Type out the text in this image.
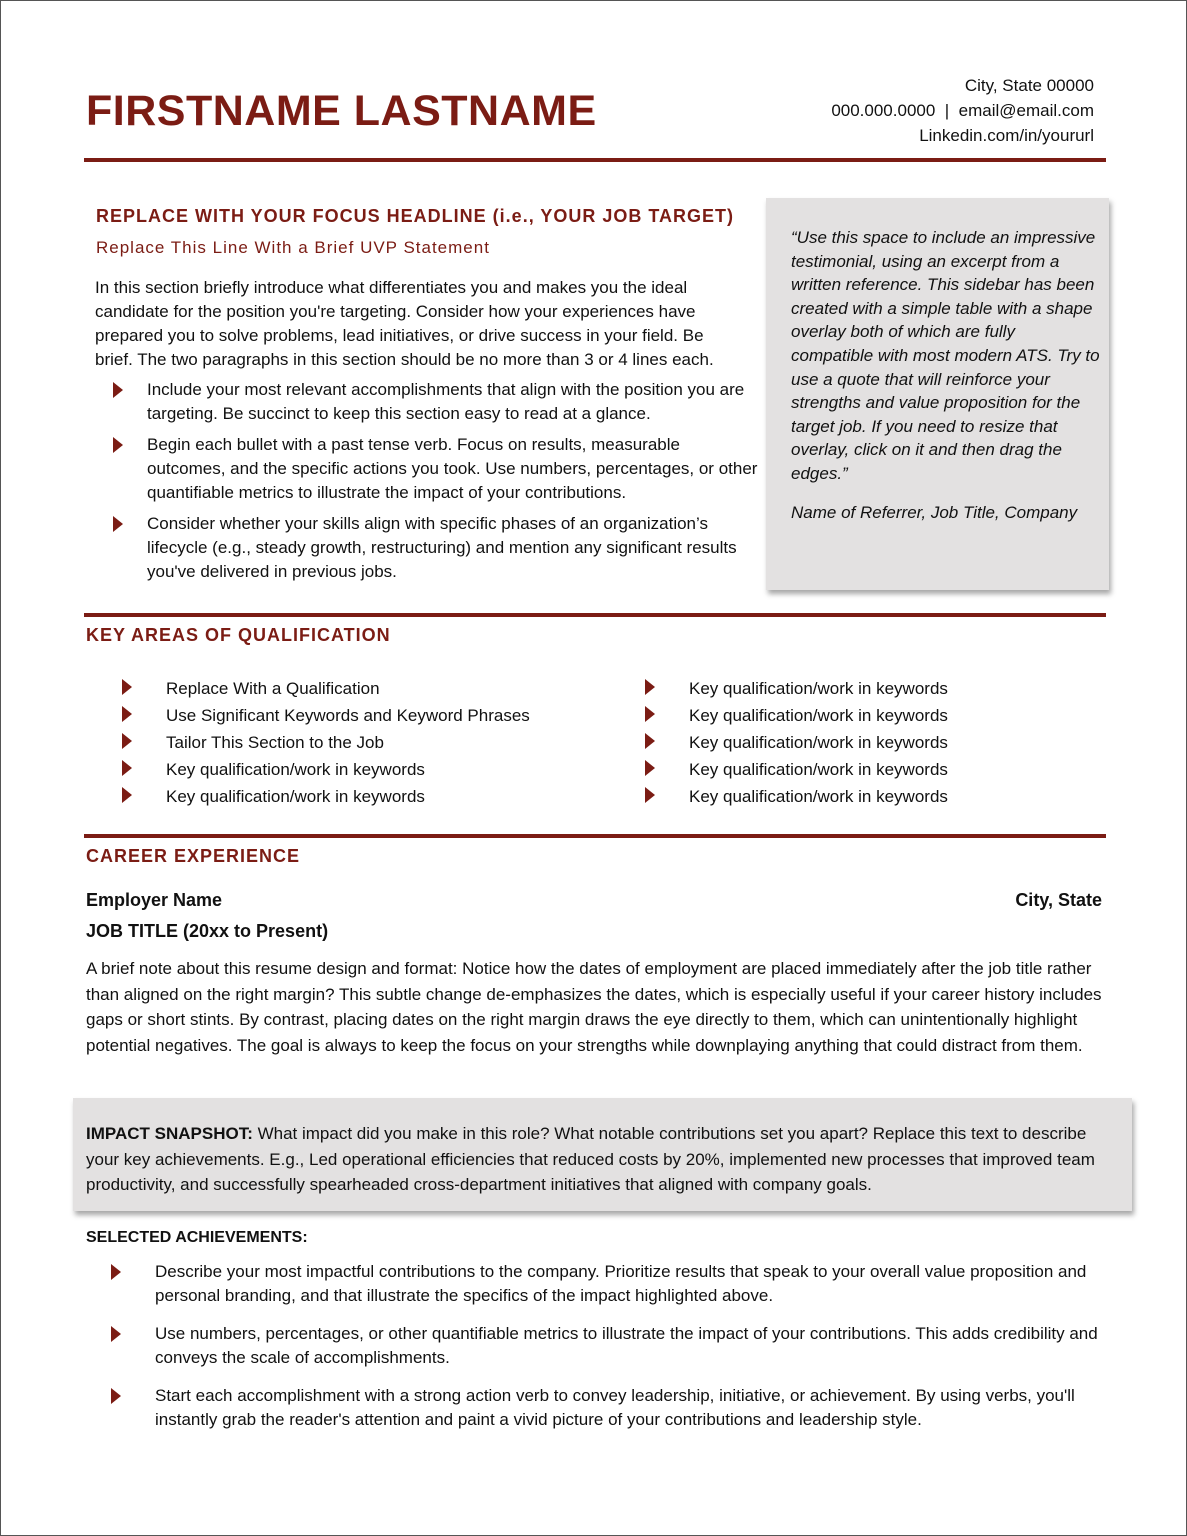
FIRSTNAME LASTNAME
City, State 00000
000.000.0000 | email@email.com
Linkedin.com/in/yoururl
REPLACE WITH YOUR FOCUS HEADLINE (i.e., YOUR JOB TARGET)
Replace This Line With a Brief UVP Statement
In this section briefly introduce what differentiates you and makes you the ideal candidate for the position you're targeting. Consider how your experiences have prepared you to solve problems, lead initiatives, or drive success in your field. Be brief. The two paragraphs in this section should be no more than 3 or 4 lines each.
Include your most relevant accomplishments that align with the position you are targeting. Be succinct to keep this section easy to read at a glance.
Begin each bullet with a past tense verb. Focus on results, measurable outcomes, and the specific actions you took. Use numbers, percentages, or other quantifiable metrics to illustrate the impact of your contributions.
Consider whether your skills align with specific phases of an organization’s lifecycle (e.g., steady growth, restructuring) and mention any significant results you've delivered in previous jobs.
“Use this space to include an impressive testimonial, using an excerpt from a written reference. This sidebar has been created with a simple table with a shape overlay both of which are fully compatible with most modern ATS. Try to use a quote that will reinforce your strengths and value proposition for the target job. If you need to resize that overlay, click on it and then drag the edges.”
Name of Referrer, Job Title, Company
KEY AREAS OF QUALIFICATION
Replace With a Qualification
Use Significant Keywords and Keyword Phrases
Tailor This Section to the Job
Key qualification/work in keywords
Key qualification/work in keywords
Key qualification/work in keywords
Key qualification/work in keywords
Key qualification/work in keywords
Key qualification/work in keywords
Key qualification/work in keywords
CAREER EXPERIENCE
Employer Name	City, State
JOB TITLE (20xx to Present)
A brief note about this resume design and format: Notice how the dates of employment are placed immediately after the job title rather than aligned on the right margin? This subtle change de-emphasizes the dates, which is especially useful if your career history includes gaps or short stints. By contrast, placing dates on the right margin draws the eye directly to them, which can unintentionally highlight potential negatives. The goal is always to keep the focus on your strengths while downplaying anything that could distract from them.
IMPACT SNAPSHOT: What impact did you make in this role? What notable contributions set you apart? Replace this text to describe your key achievements. E.g., Led operational efficiencies that reduced costs by 20%, implemented new processes that improved team productivity, and successfully spearheaded cross-department initiatives that aligned with company goals.
SELECTED ACHIEVEMENTS:
Describe your most impactful contributions to the company. Prioritize results that speak to your overall value proposition and personal branding, and that illustrate the specifics of the impact highlighted above.
Use numbers, percentages, or other quantifiable metrics to illustrate the impact of your contributions. This adds credibility and conveys the scale of accomplishments.
Start each accomplishment with a strong action verb to convey leadership, initiative, or achievement. By using verbs, you'll instantly grab the reader's attention and paint a vivid picture of your contributions and leadership style.
